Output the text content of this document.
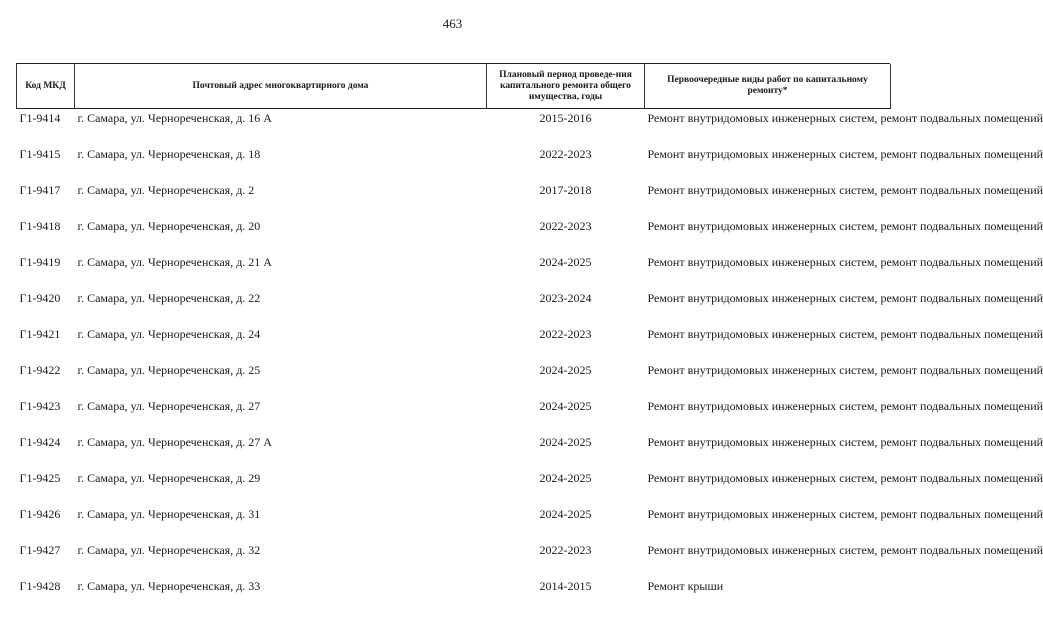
463
Код МКД	Почтовый адрес многоквартирного дома	Плановый период проведе-ния капитального ремонта общего имущества, годы	Первоочередные виды работ по капитальному ремонту*
Г1-9414	г. Самара, ул. Чернореченская, д. 16 А	2015-2016	Ремонт внутридомовых инженерных систем, ремонт подвальных помещений
Г1-9415	г. Самара, ул. Чернореченская, д. 18	2022-2023	Ремонт внутридомовых инженерных систем, ремонт подвальных помещений
Г1-9417	г. Самара, ул. Чернореченская, д. 2	2017-2018	Ремонт внутридомовых инженерных систем, ремонт подвальных помещений
Г1-9418	г. Самара, ул. Чернореченская, д. 20	2022-2023	Ремонт внутридомовых инженерных систем, ремонт подвальных помещений
Г1-9419	г. Самара, ул. Чернореченская, д. 21 А	2024-2025	Ремонт внутридомовых инженерных систем, ремонт подвальных помещений
Г1-9420	г. Самара, ул. Чернореченская, д. 22	2023-2024	Ремонт внутридомовых инженерных систем, ремонт подвальных помещений
Г1-9421	г. Самара, ул. Чернореченская, д. 24	2022-2023	Ремонт внутридомовых инженерных систем, ремонт подвальных помещений
Г1-9422	г. Самара, ул. Чернореченская, д. 25	2024-2025	Ремонт внутридомовых инженерных систем, ремонт подвальных помещений
Г1-9423	г. Самара, ул. Чернореченская, д. 27	2024-2025	Ремонт внутридомовых инженерных систем, ремонт подвальных помещений
Г1-9424	г. Самара, ул. Чернореченская, д. 27 А	2024-2025	Ремонт внутридомовых инженерных систем, ремонт подвальных помещений
Г1-9425	г. Самара, ул. Чернореченская, д. 29	2024-2025	Ремонт внутридомовых инженерных систем, ремонт подвальных помещений
Г1-9426	г. Самара, ул. Чернореченская, д. 31	2024-2025	Ремонт внутридомовых инженерных систем, ремонт подвальных помещений
Г1-9427	г. Самара, ул. Чернореченская, д. 32	2022-2023	Ремонт внутридомовых инженерных систем, ремонт подвальных помещений
Г1-9428	г. Самара, ул. Чернореченская, д. 33	2014-2015	Ремонт крыши
